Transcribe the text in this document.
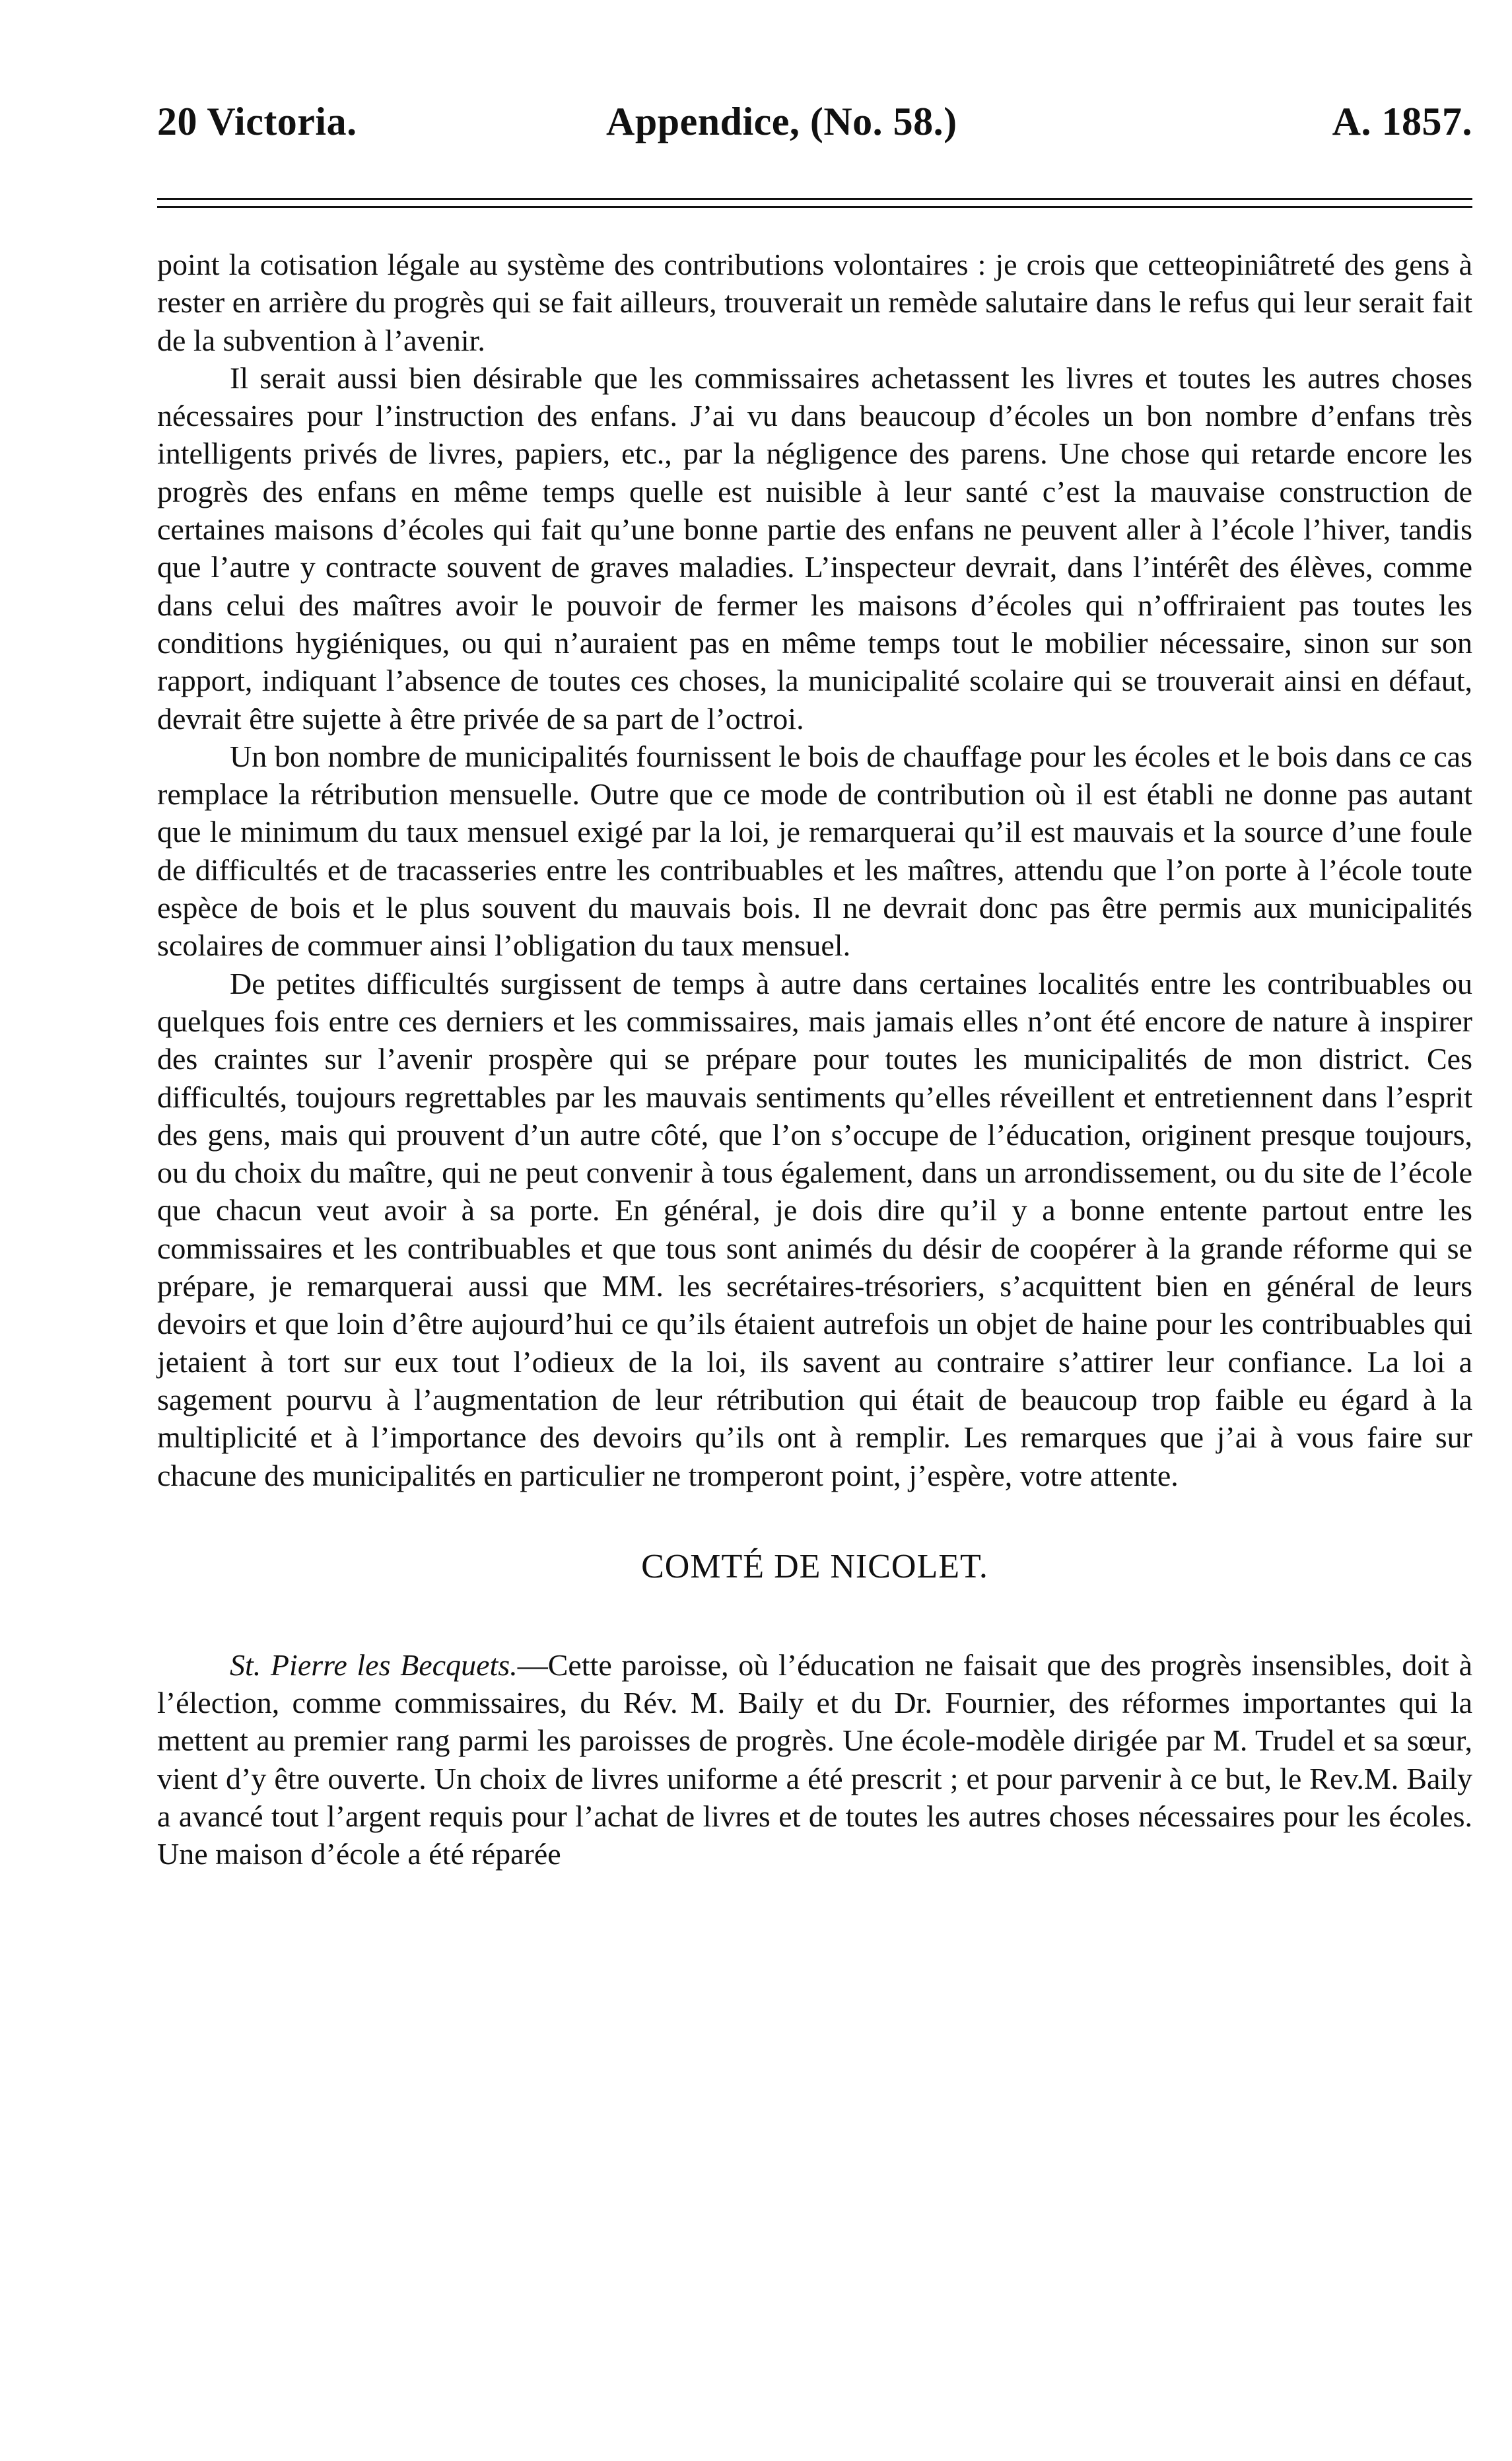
20 Victoria.	Appendice, (No. 58.)	A. 1857.

point la cotisation légale au système des contributions volontaires : je crois que cetteopiniâtreté des gens à rester en arrière du progrès qui se fait ailleurs, trouverait un remède salutaire dans le refus qui leur serait fait de la subvention à l’avenir.

Il serait aussi bien désirable que les commissaires achetassent les livres et toutes les autres choses nécessaires pour l’instruction des enfans. J’ai vu dans beaucoup d’écoles un bon nombre d’enfans très intelligents privés de livres, papiers, etc., par la négligence des parens. Une chose qui retarde encore les progrès des enfans en même temps quelle est nuisible à leur santé c’est la mauvaise construction de certaines maisons d’écoles qui fait qu’une bonne partie des enfans ne peuvent aller à l’école l’hiver, tandis que l’autre y contracte souvent de graves maladies. L’inspecteur devrait, dans l’intérêt des élèves, comme dans celui des maîtres avoir le pouvoir de fermer les maisons d’écoles qui n’offriraient pas toutes les conditions hygiéniques, ou qui n’auraient pas en même temps tout le mobilier nécessaire, sinon sur son rapport, indiquant l’absence de toutes ces choses, la municipalité scolaire qui se trouverait ainsi en défaut, devrait être sujette à être privée de sa part de l’octroi.

Un bon nombre de municipalités fournissent le bois de chauffage pour les écoles et le bois dans ce cas remplace la rétribution mensuelle. Outre que ce mode de contribution où il est établi ne donne pas autant que le minimum du taux mensuel exigé par la loi, je remarquerai qu’il est mauvais et la source d’une foule de difficultés et de tracasseries entre les contribuables et les maîtres, attendu que l’on porte à l’école toute espèce de bois et le plus souvent du mauvais bois. Il ne devrait donc pas être permis aux municipalités scolaires de commuer ainsi l’obligation du taux mensuel.

De petites difficultés surgissent de temps à autre dans certaines localités entre les contribuables ou quelques fois entre ces derniers et les commissaires, mais jamais elles n’ont été encore de nature à inspirer des craintes sur l’avenir prospère qui se prépare pour toutes les municipalités de mon district. Ces difficultés, toujours regrettables par les mauvais sentiments qu’elles réveillent et entretiennent dans l’esprit des gens, mais qui prouvent d’un autre côté, que l’on s’occupe de l’éducation, originent presque toujours, ou du choix du maître, qui ne peut convenir à tous également, dans un arrondissement, ou du site de l’école que chacun veut avoir à sa porte. En général, je dois dire qu’il y a bonne entente partout entre les commissaires et les contribuables et que tous sont animés du désir de coopérer à la grande réforme qui se prépare, je remarquerai aussi que MM. les secrétaires-trésoriers, s’acquittent bien en général de leurs devoirs et que loin d’être aujourd’hui ce qu’ils étaient autrefois un objet de haine pour les contribuables qui jetaient à tort sur eux tout l’odieux de la loi, ils savent au contraire s’attirer leur confiance. La loi a sagement pourvu à l’augmentation de leur rétribution qui était de beaucoup trop faible eu égard à la multiplicité et à l’importance des devoirs qu’ils ont à remplir. Les remarques que j’ai à vous faire sur chacune des municipalités en particulier ne tromperont point, j’espère, votre attente.

COMTÉ DE NICOLET.

St. Pierre les Becquets.—Cette paroisse, où l’éducation ne faisait que des progrès insensibles, doit à l’élection, comme commissaires, du Rév. M. Baily et du Dr. Fournier, des réformes importantes qui la mettent au premier rang parmi les paroisses de progrès. Une école-modèle dirigée par M. Trudel et sa sœur, vient d’y être ouverte. Un choix de livres uniforme a été prescrit ; et pour parvenir à ce but, le Rev.M. Baily a avancé tout l’argent requis pour l’achat de livres et de toutes les autres choses nécessaires pour les écoles. Une maison d’école a été réparée
